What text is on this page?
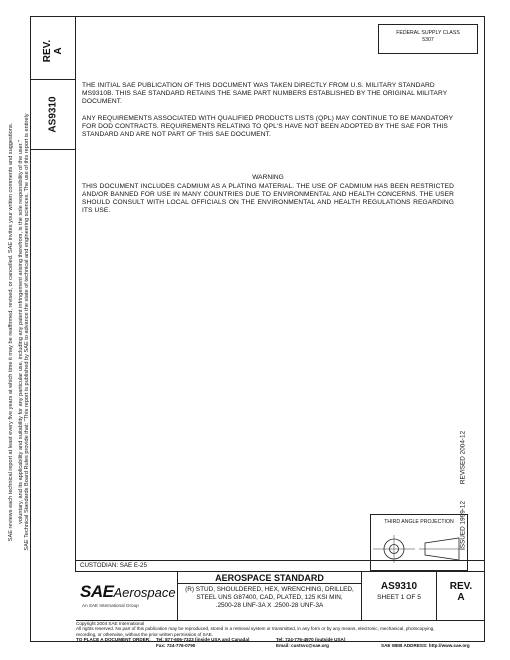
SAE Technical Standards Board Rules provide that: "This report is published by SAE to advance the state of technical and engineering sciences. The use of this report is entirely
voluntary, and its applicability and suitability for any particular use, including any patent infringement arising therefrom, is the sole responsibility of the user."
SAE reviews each technical report at least every five years at which time it may be reaffirmed, revised, or cancelled. SAE invites your written comments and suggestions.
REV.
A
AS9310
REVISED 2004-12
ISSUED 1999-12
FEDERAL SUPPLY CLASS
5307
THE INITIAL SAE PUBLICATION OF THIS DOCUMENT WAS TAKEN DIRECTLY FROM U.S. MILITARY STANDARD MS9310B. THIS SAE STANDARD RETAINS THE SAME PART NUMBERS ESTABLISHED BY THE ORIGINAL MILITARY DOCUMENT.
ANY REQUIREMENTS ASSOCIATED WITH QUALIFIED PRODUCTS LISTS (QPL) MAY CONTINUE TO BE MANDATORY FOR DOD CONTRACTS. REQUIREMENTS RELATING TO QPL'S HAVE NOT BEEN ADOPTED BY THE SAE FOR THIS STANDARD AND ARE NOT PART OF THIS SAE DOCUMENT.
WARNING
THIS DOCUMENT INCLUDES CADMIUM AS A PLATING MATERIAL. THE USE OF CADMIUM HAS BEEN RESTRICTED AND/OR BANNED FOR USE IN MANY COUNTRIES DUE TO ENVIRONMENTAL AND HEALTH CONCERNS. THE USER SHOULD CONSULT WITH LOCAL OFFICIALS ON THE ENVIRONMENTAL AND HEALTH REGULATIONS REGARDING ITS USE.
THIRD ANGLE PROJECTION
CUSTODIAN: SAE E-25
SAEAerospace
An SAE International Group
AEROSPACE STANDARD
(R) STUD, SHOULDERED, HEX, WRENCHING, DRILLED,
STEEL UNS G87400, CAD, PLATED, 125 KSI MIN,
.2500-28 UNF-3A X .2500-28 UNF-3A
AS9310
SHEET 1 OF 5
REV.
A
Copyright 2004 SAE International
All rights reserved. No part of this publication may be reproduced, stored in a retrieval system or transmitted, in any form or by any means, electronic, mechanical, photocopying,
recording, or otherwise, without the prior written permission of SAE.
TO PLACE A DOCUMENT ORDER: Tel: 877-606-7323 (inside USA and Canada)	Tel: 724-776-4970 (outside USA)
Fax: 724-776-0790	Email: custsvc@sae.org	SAE WEB ADDRESS: http://www.sae.org
